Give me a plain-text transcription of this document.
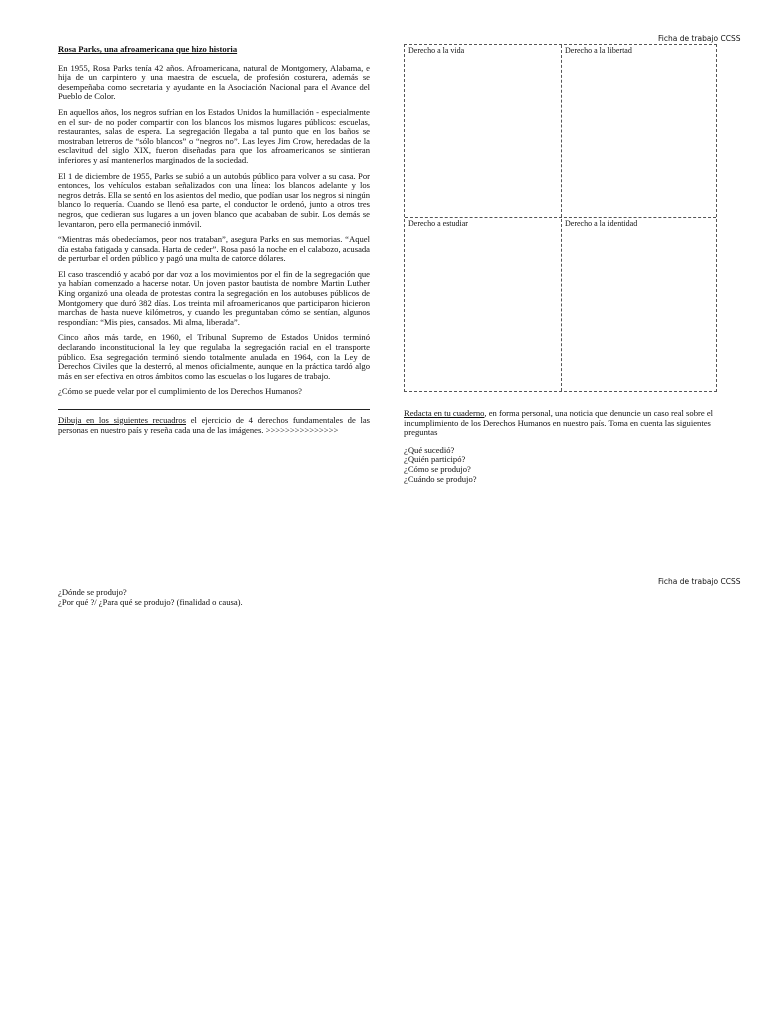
Ficha de trabajo CCSS
Rosa Parks, una afroamericana que hizo historia

En 1955, Rosa Parks tenía 42 años. Afroamericana, natural de Montgomery, Alabama, e hija de un carpintero y una maestra de escuela, de profesión costurera, además se desempeñaba como secretaria y ayudante en la Asociación Nacional para el Avance del Pueblo de Color.

En aquellos años, los negros sufrían en los Estados Unidos la humillación - especialmente en el sur- de no poder compartir con los blancos los mismos lugares públicos: escuelas, restaurantes, salas de espera. La segregación llegaba a tal punto que en los baños se mostraban letreros de “sólo blancos” o “negros no”. Las leyes Jim Crow, heredadas de la esclavitud del siglo XIX, fueron diseñadas para que los afroamericanos se sintieran inferiores y así mantenerlos marginados de la sociedad.

El 1 de diciembre de 1955, Parks se subió a un autobús público para volver a su casa. Por entonces, los vehículos estaban señalizados con una línea: los blancos adelante y los negros detrás. Ella se sentó en los asientos del medio, que podían usar los negros si ningún blanco lo requería. Cuando se llenó esa parte, el conductor le ordenó, junto a otros tres negros, que cedieran sus lugares a un joven blanco que acababan de subir. Los demás se levantaron, pero ella permaneció inmóvil.

“Mientras más obedecíamos, peor nos trataban”, asegura Parks en sus memorias. “Aquel día estaba fatigada y cansada. Harta de ceder”. Rosa pasó la noche en el calabozo, acusada de perturbar el orden público y pagó una multa de catorce dólares.

El caso trascendió y acabó por dar voz a los movimientos por el fin de la segregación que ya habían comenzado a hacerse notar. Un joven pastor bautista de nombre Martin Luther King organizó una oleada de protestas contra la segregación en los autobuses públicos de Montgomery que duró 382 días. Los treinta mil afroamericanos que participaron hicieron marchas de hasta nueve kilómetros, y cuando les preguntaban cómo se sentían, algunos respondían: “Mis pies, cansados. Mi alma, liberada”.

Cinco años más tarde, en 1960, el Tribunal Supremo de Estados Unidos terminó declarando inconstitucional la ley que regulaba la segregación racial en el transporte público. Esa segregación terminó siendo totalmente anulada en 1964, con la Ley de Derechos Civiles que la desterró, al menos oficialmente, aunque en la práctica tardó algo más en ser efectiva en otros ámbitos como las escuelas o los lugares de trabajo.

¿Cómo se puede velar por el cumplimiento de los Derechos Humanos?

Dibuja en los siguientes recuadros el ejercicio de 4 derechos fundamentales de las personas en nuestro país y reseña cada una de las imágenes. >>>>>>>>>>>>>>>

Derecho a la vida	Derecho a la libertad
Derecho a estudiar	Derecho a la identidad

Redacta en tu cuaderno, en forma personal, una noticia que denuncie un caso real sobre el incumplimiento de los Derechos Humanos en nuestro país. Toma en cuenta las siguientes preguntas

¿Qué sucedió?
¿Quién participó?
¿Cómo se produjo?
¿Cuándo se produjo?
Ficha de trabajo CCSS
¿Dónde se produjo?
¿Por qué ?/ ¿Para qué se produjo? (finalidad o causa).
